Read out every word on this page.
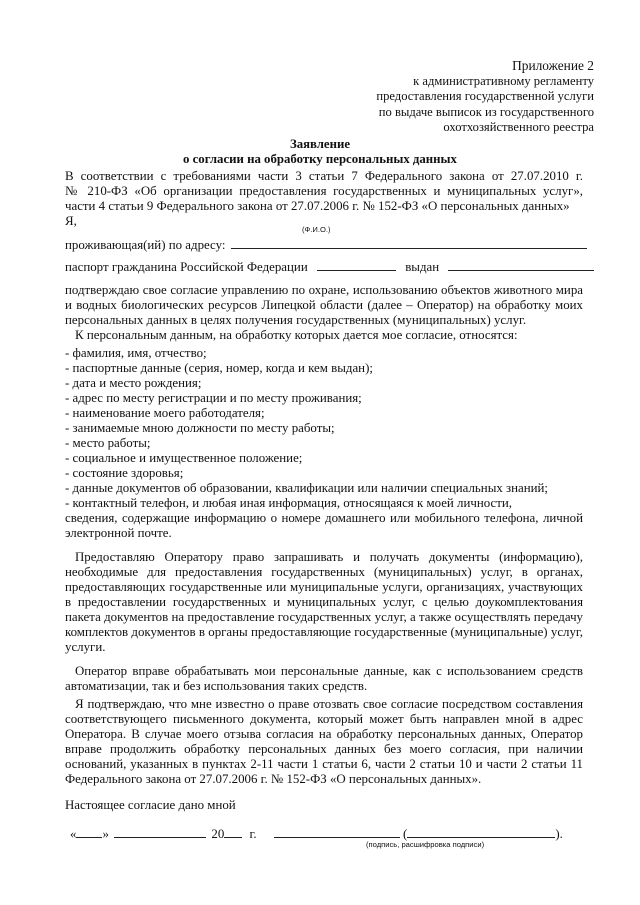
Приложение 2
к административному регламенту
предоставления государственной услуги
по выдаче выписок из государственного
охотхозяйственного реестра
Заявление
о согласии на обработку персональных данных
В соответствии с требованиями части 3 статьи 7 Федерального закона от 27.07.2010 г.
№ 210-ФЗ «Об организации предоставления государственных и муниципальных услуг»,
части 4 статьи 9 Федерального закона от 27.07.2006 г. № 152-ФЗ «О персональных данных»
Я,
(Ф.И.О.)
проживающая(ий) по адресу:
паспорт гражданина Российской Федерации	выдан
подтверждаю свое согласие управлению по охране, использованию объектов животного мира
и водных биологических ресурсов Липецкой области (далее – Оператор) на обработку моих
персональных данных в целях получения государственных (муниципальных) услуг.
К персональным данным, на обработку которых дается мое согласие, относятся:
- фамилия, имя, отчество;
- паспортные данные (серия, номер, когда и кем выдан);
- дата и место рождения;
- адрес по месту регистрации и по месту проживания;
- наименование моего работодателя;
- занимаемые мною должности по месту работы;
- место работы;
- социальное и имущественное положение;
- состояние здоровья;
- данные документов об образовании, квалификации или наличии специальных знаний;
- контактный телефон, и любая иная информация, относящаяся к моей личности,
сведения, содержащие информацию о номере домашнего или мобильного телефона, личной
электронной почте.
Предоставляю Оператору право запрашивать и получать документы (информацию),
необходимые для предоставления государственных (муниципальных) услуг, в органах,
предоставляющих государственные или муниципальные услуги, организациях, участвующих
в предоставлении государственных и муниципальных услуг, с целью доукомплектования
пакета документов на предоставление государственных услуг, а также осуществлять передачу
комплектов документов в органы предоставляющие государственные (муниципальные) услуг,
услуги.
Оператор вправе обрабатывать мои персональные данные, как с использованием средств
автоматизации, так и без использования таких средств.
Я подтверждаю, что мне известно о праве отозвать свое согласие посредством составления
соответствующего письменного документа, который может быть направлен мной в адрес
Оператора. В случае моего отзыва согласия на обработку персональных данных, Оператор
вправе продолжить обработку персональных данных без моего согласия, при наличии
оснований, указанных в пунктах 2-11 части 1 статьи 6, части 2 статьи 10 и части 2 статьи 11
Федерального закона от 27.07.2006 г. № 152-ФЗ «О персональных данных».
Настоящее согласие дано мной
« »	20 г.	(	).
(подпись, расшифровка подписи)
